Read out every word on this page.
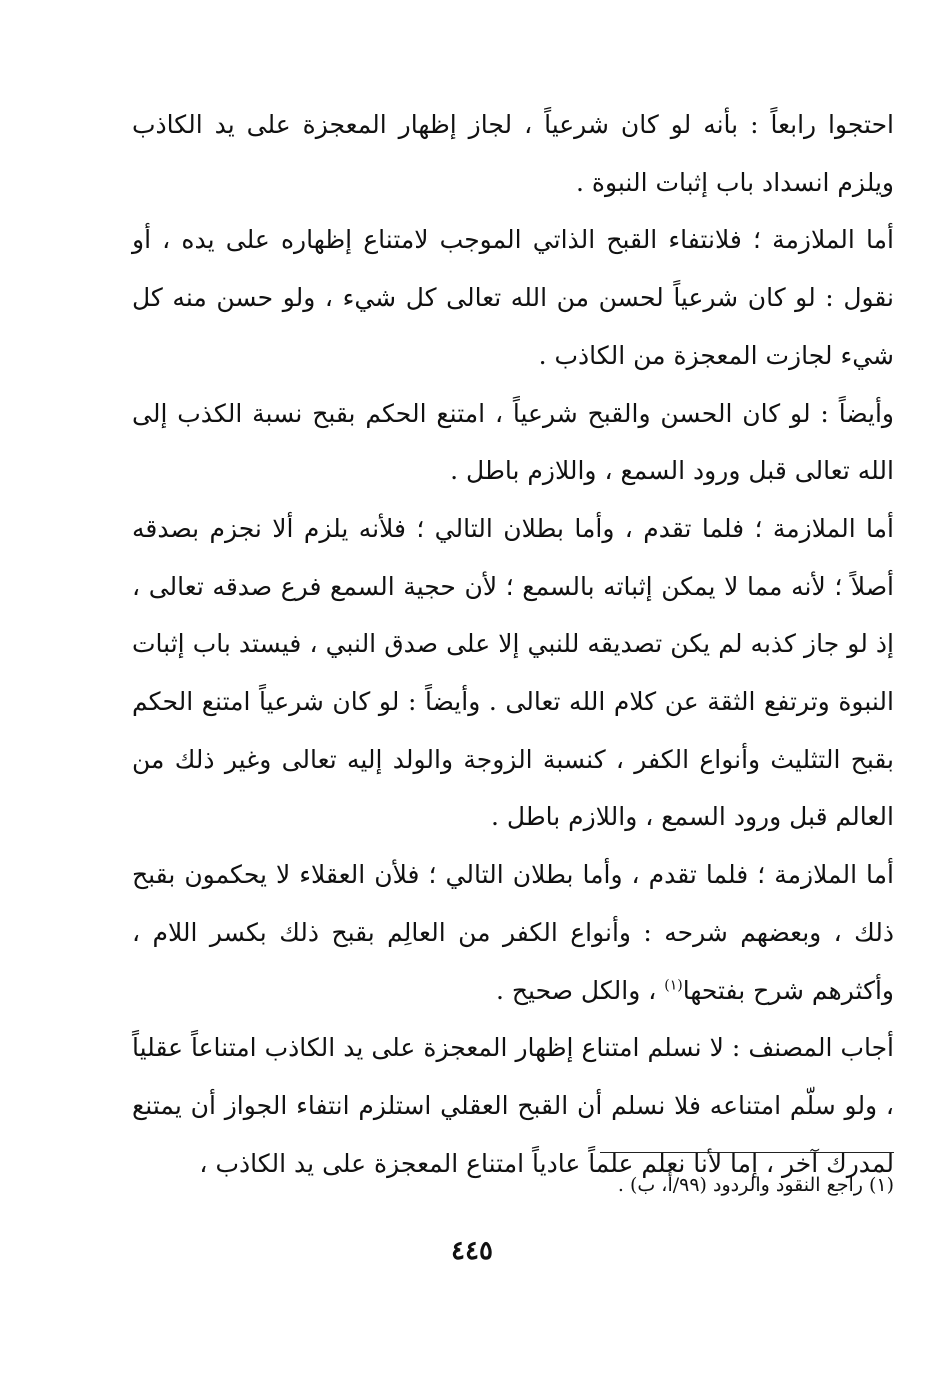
احتجوا رابعاً : بأنه لو كان شرعياً ، لجاز إظهار المعجزة على يد الكاذب ويلزم انسداد باب إثبات النبوة .

أما الملازمة ؛ فلانتفاء القبح الذاتي الموجب لامتناع إظهاره على يده ، أو نقول : لو كان شرعياً لحسن من الله تعالى كل شيء ، ولو حسن منه كل شيء لجازت المعجزة من الكاذب .

وأيضاً : لو كان الحسن والقبح شرعياً ، امتنع الحكم بقبح نسبة الكذب إلى الله تعالى قبل ورود السمع ، واللازم باطل .

أما الملازمة ؛ فلما تقدم ، وأما بطلان التالي ؛ فلأنه يلزم ألا نجزم بصدقه أصلاً ؛ لأنه مما لا يمكن إثباته بالسمع ؛ لأن حجية السمع فرع صدقه تعالى ، إذ لو جاز كذبه لم يكن تصديقه للنبي إلا على صدق النبي ، فيستد باب إثبات النبوة وترتفع الثقة عن كلام الله تعالى . وأيضاً : لو كان شرعياً امتنع الحكم بقبح التثليث وأنواع الكفر ، كنسبة الزوجة والولد إليه تعالى وغير ذلك من العالم قبل ورود السمع ، واللازم باطل .

أما الملازمة ؛ فلما تقدم ، وأما بطلان التالي ؛ فلأن العقلاء لا يحكمون بقبح ذلك ، وبعضهم شرحه : وأنواع الكفر من العالِم بقبح ذلك بكسر اللام ، وأكثرهم شرح بفتحها$^{(١)}$ ، والكل صحيح .

أجاب المصنف : لا نسلم امتناع إظهار المعجزة على يد الكاذب امتناعاً عقلياً ، ولو سلّم امتناعه فلا نسلم أن القبح العقلي استلزم انتفاء الجواز أن يمتنع لمدرك آخر ، إما لأنا نعلم علماً عادياً امتناع المعجزة على يد الكاذب ،

(١) راجع النقود والردود (٩٩/أ، ب) .
٤٤٥
